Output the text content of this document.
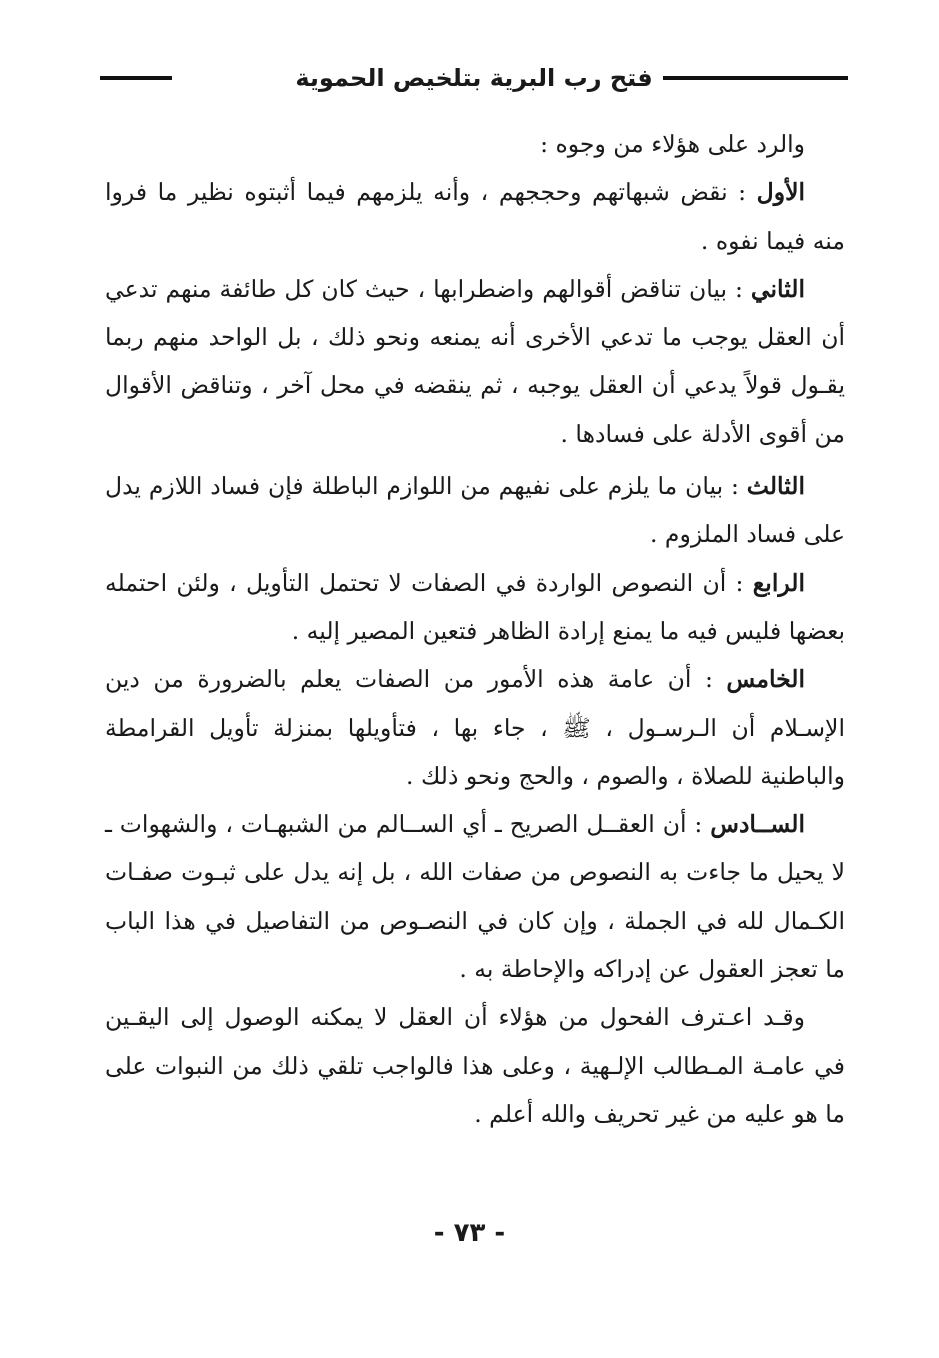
فتح رب البرية بتلخيص الحموية

والرد على هؤلاء من وجوه :

الأول : نقض شبهاتهم وحججهم ، وأنه يلزمهم فيما أثبتوه نظير ما فروا منه فيما نفوه .

الثاني : بيان تناقض أقوالهم واضطرابها ، حيث كان كل طائفة منهم تدعي أن العقل يوجب ما تدعي الأخرى أنه يمنعه ونحو ذلك ، بل الواحد منهم ربما يقـول قولاً يدعي أن العقل يوجبه ، ثم ينقضه في محل آخر ، وتناقض الأقوال من أقوى الأدلة على فسادها .

الثالث : بيان ما يلزم على نفيهم من اللوازم الباطلة فإن فساد اللازم يدل على فساد الملزوم .

الرابع : أن النصوص الواردة في الصفات لا تحتمل التأويل ، ولئن احتمله بعضها فليس فيه ما يمنع إرادة الظاهر فتعين المصير إليه .

الخامس : أن عامة هذه الأمور من الصفات يعلم بالضرورة من دين الإسـلام أن الـرسـول ، ﷺ ، جاء بها ، فتأويلها بمنزلة تأويل القرامطة والباطنية للصلاة ، والصوم ، والحج ونحو ذلك .

الســادس : أن العقــل الصريح ـ أي الســالم من الشبهـات ، والشهوات ـ لا يحيل ما جاءت به النصوص من صفات الله ، بل إنه يدل على ثبـوت صفـات الكـمال لله في الجملة ، وإن كان في النصـوص من التفاصيل في هذا الباب ما تعجز العقول عن إدراكه والإحاطة به .

وقـد اعـترف الفحول من هؤلاء أن العقل لا يمكنه الوصول إلى اليقـين في عامـة المـطالب الإلـهية ، وعلى هذا فالواجب تلقي ذلك من النبوات على ما هو عليه من غير تحريف والله أعلم .

- ٧٣ -
